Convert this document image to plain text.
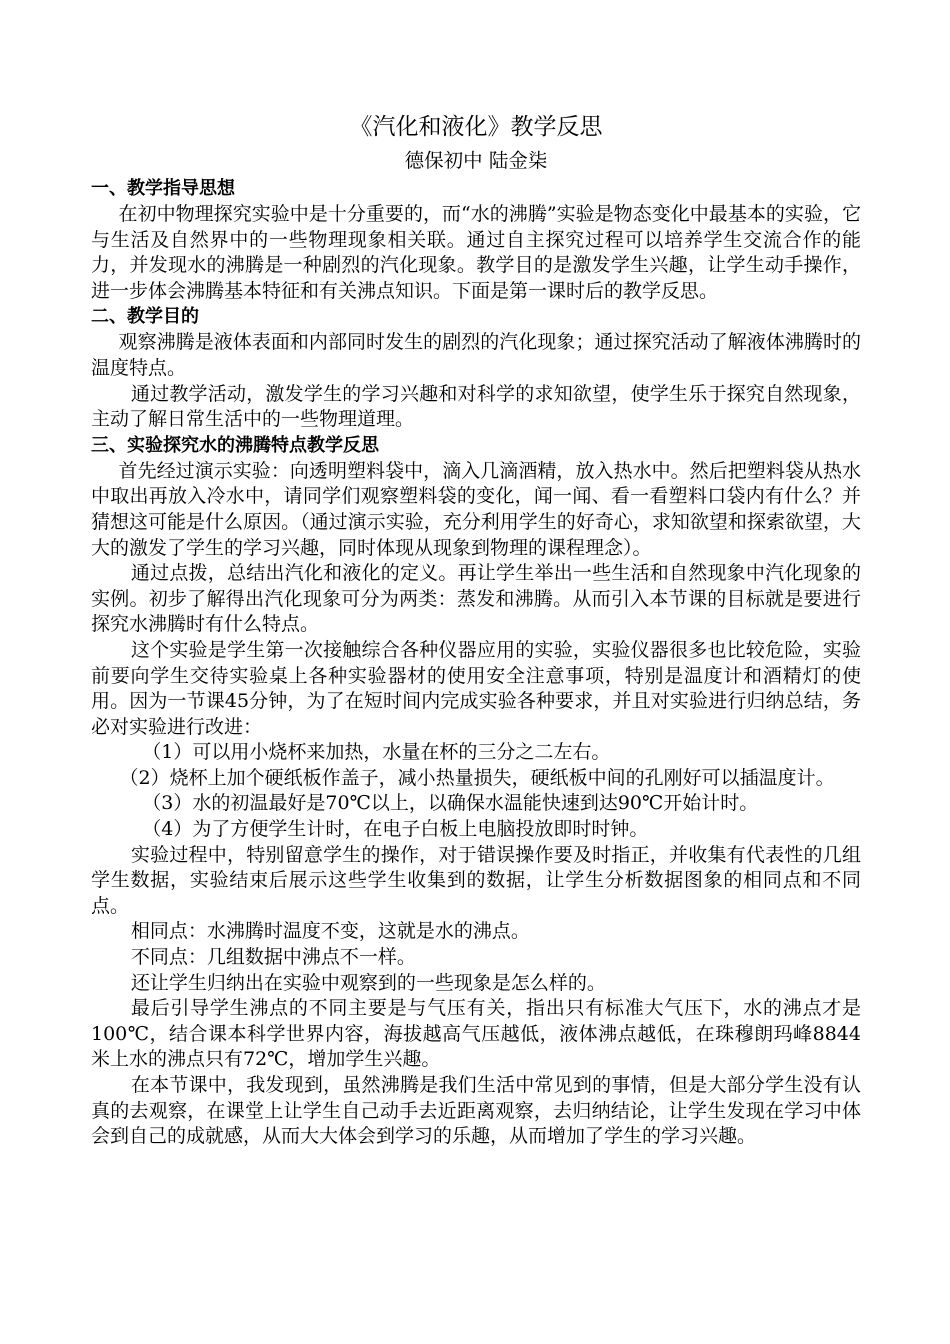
《汽化和液化》教学反思
德保初中 陆金柒
一、教学指导思想

在初中物理探究实验中是十分重要的，而“水的沸腾”实验是物态变化中最基本的实验，它与生活及自然界中的一些物理现象相关联。通过自主探究过程可以培养学生交流合作的能力，并发现水的沸腾是一种剧烈的汽化现象。教学目的是激发学生兴趣，让学生动手操作，进一步体会沸腾基本特征和有关沸点知识。下面是第一课时后的教学反思。

二、教学目的

观察沸腾是液体表面和内部同时发生的剧烈的汽化现象；通过探究活动了解液体沸腾时的温度特点。

通过教学活动，激发学生的学习兴趣和对科学的求知欲望，使学生乐于探究自然现象，主动了解日常生活中的一些物理道理。

三、实验探究水的沸腾特点教学反思

首先经过演示实验：向透明塑料袋中，滴入几滴酒精，放入热水中。然后把塑料袋从热水中取出再放入冷水中，请同学们观察塑料袋的变化，闻一闻、看一看塑料口袋内有什么？并猜想这可能是什么原因。（通过演示实验，充分利用学生的好奇心，求知欲望和探索欲望，大大的激发了学生的学习兴趣，同时体现从现象到物理的课程理念）。

通过点拨，总结出汽化和液化的定义。再让学生举出一些生活和自然现象中汽化现象的实例。初步了解得出汽化现象可分为两类：蒸发和沸腾。从而引入本节课的目标就是要进行探究水沸腾时有什么特点。

这个实验是学生第一次接触综合各种仪器应用的实验，实验仪器很多也比较危险，实验前要向学生交待实验桌上各种实验器材的使用安全注意事项，特别是温度计和酒精灯的使用。因为一节课45分钟，为了在短时间内完成实验各种要求，并且对实验进行归纳总结，务必对实验进行改进：

（1）可以用小烧杯来加热，水量在杯的三分之二左右。

（2）烧杯上加个硬纸板作盖子，减小热量损失，硬纸板中间的孔刚好可以插温度计。

（3）水的初温最好是70℃以上，以确保水温能快速到达90℃开始计时。

（4）为了方便学生计时，在电子白板上电脑投放即时时钟。

实验过程中，特别留意学生的操作，对于错误操作要及时指正，并收集有代表性的几组学生数据，实验结束后展示这些学生收集到的数据，让学生分析数据图象的相同点和不同点。

相同点：水沸腾时温度不变，这就是水的沸点。

不同点：几组数据中沸点不一样。

还让学生归纳出在实验中观察到的一些现象是怎么样的。

最后引导学生沸点的不同主要是与气压有关，指出只有标准大气压下，水的沸点才是100℃，结合课本科学世界内容，海拔越高气压越低，液体沸点越低，在珠穆朗玛峰8844米上水的沸点只有72℃，增加学生兴趣。

在本节课中，我发现到，虽然沸腾是我们生活中常见到的事情，但是大部分学生没有认真的去观察，在课堂上让学生自己动手去近距离观察，去归纳结论，让学生发现在学习中体会到自己的成就感，从而大大体会到学习的乐趣，从而增加了学生的学习兴趣。
